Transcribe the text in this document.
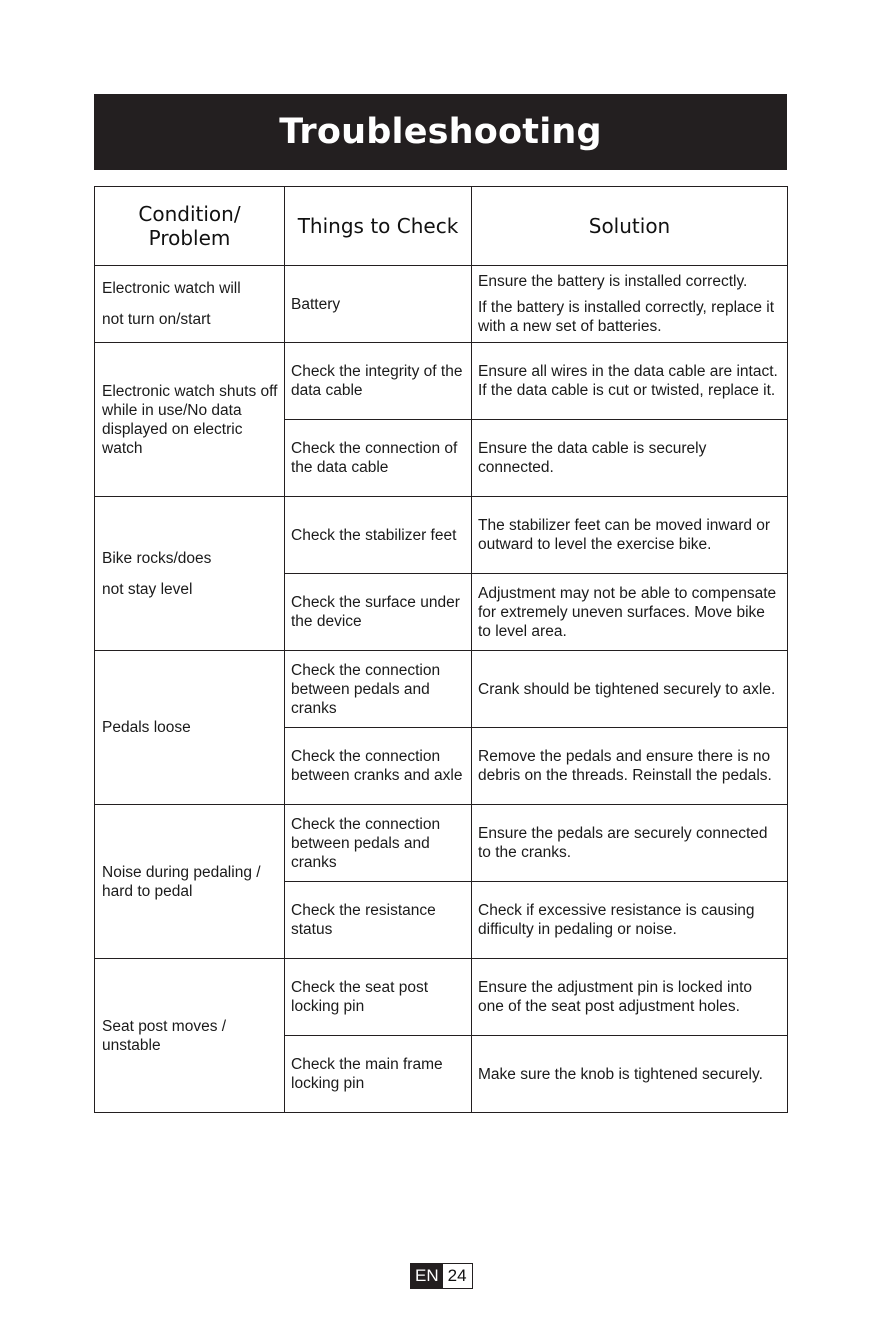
Troubleshooting
Condition/
Problem	Things to Check	Solution

Electronic watch will
not turn on/start	Battery	Ensure the battery is installed correctly.
If the battery is installed correctly, replace it with a new set of batteries.

Electronic watch shuts off while in use/No data displayed on electric watch	Check the integrity of the data cable	Ensure all wires in the data cable are intact. If the data cable is cut or twisted, replace it.
	Check the connection of the data cable	Ensure the data cable is securely connected.

Bike rocks/does
not stay level	Check the stabilizer feet	The stabilizer feet can be moved inward or outward to level the exercise bike.
	Check the surface under the device	Adjustment may not be able to compensate for extremely uneven surfaces. Move bike to level area.
Pedals loose	Check the connection between pedals and cranks	Crank should be tightened securely to axle.
	Check the connection between cranks and axle	Remove the pedals and ensure there is no debris on the threads. Reinstall the pedals.
Noise during pedaling / hard to pedal	Check the connection between pedals and cranks	Ensure the pedals are securely connected to the cranks.
	Check the resistance status	Check if excessive resistance is causing difficulty in pedaling or noise.
Seat post moves / unstable	Check the seat post locking pin	Ensure the adjustment pin is locked into one of the seat post adjustment holes.
	Check the main frame locking pin	Make sure the knob is tightened securely.
EN 24
